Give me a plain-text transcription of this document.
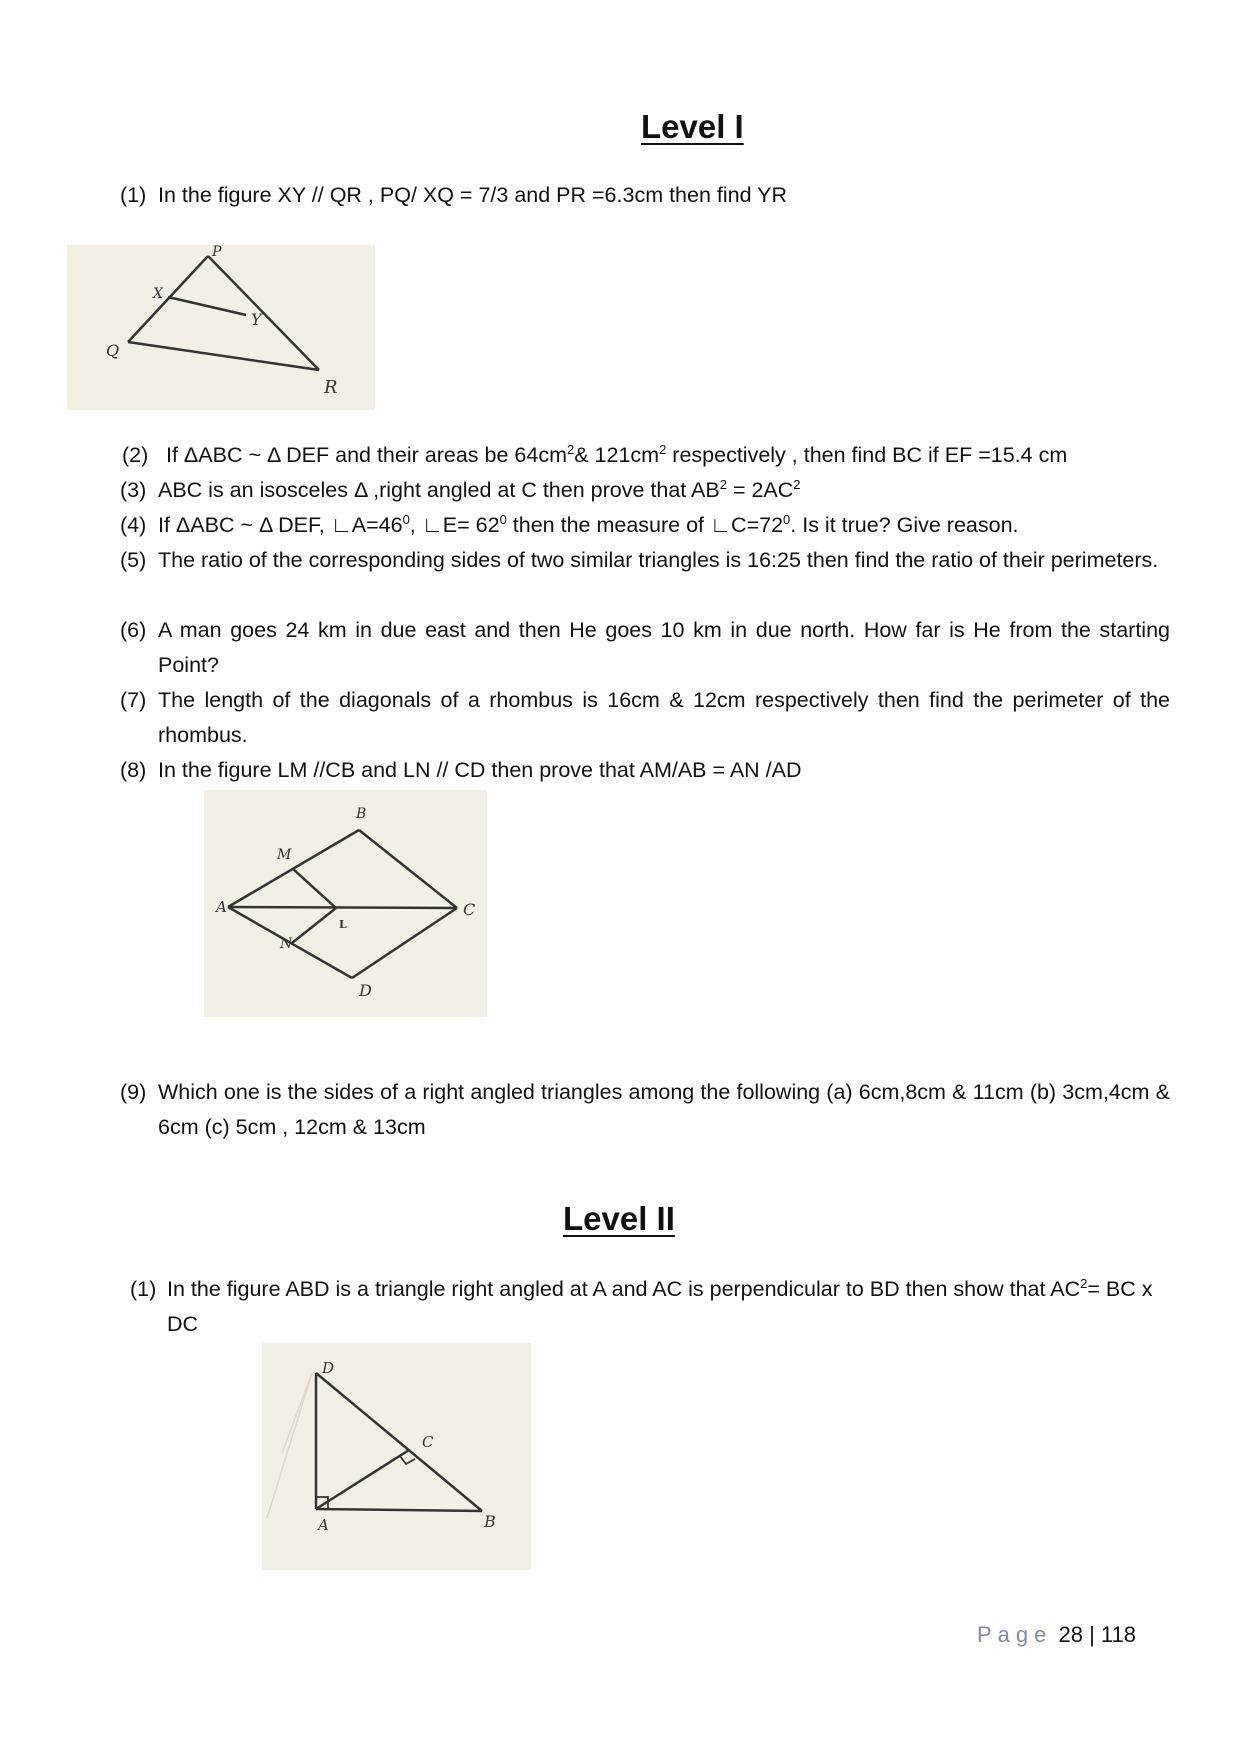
Level I
(1) In the figure XY // QR , PQ/ XQ = 7/3 and PR =6.3cm then find YR
P
X
Y
Q
R
(2) If ΔABC ~ Δ DEF and their areas be $64cm^2\&$ $121cm^2$ respectively , then find BC if EF =15.4 cm
(3) ABC is an isosceles Δ ,right angled at C then prove that $AB^2 = 2AC^2$
(4) If ΔABC ~ Δ DEF, $∟A=46^0$, ∟E= $62^0$ then the measure of $∟C=72^0$. Is it true? Give reason.
(5) The ratio of the corresponding sides of two similar triangles is 16:25 then find the ratio of their perimeters.
(6) A man goes 24 km in due east and then He goes 10 km in due north. How far is He from the starting Point?
(7) The length of the diagonals of a rhombus is 16cm & 12cm respectively then find the perimeter of the rhombus.
(8) In the figure LM //CB and LN // CD then prove that AM/AB = AN /AD
B
M
A	C
L
N
D
(9) Which one is the sides of a right angled triangles among the following (a) 6cm,8cm & 11cm (b) 3cm,4cm & 6cm (c) 5cm , 12cm & 13cm
Level II
(1) In the figure ABD is a triangle right angled at A and AC is perpendicular to BD then show that $AC^2=$ BC x DC
D
C
A	B
Page 28 | 118
